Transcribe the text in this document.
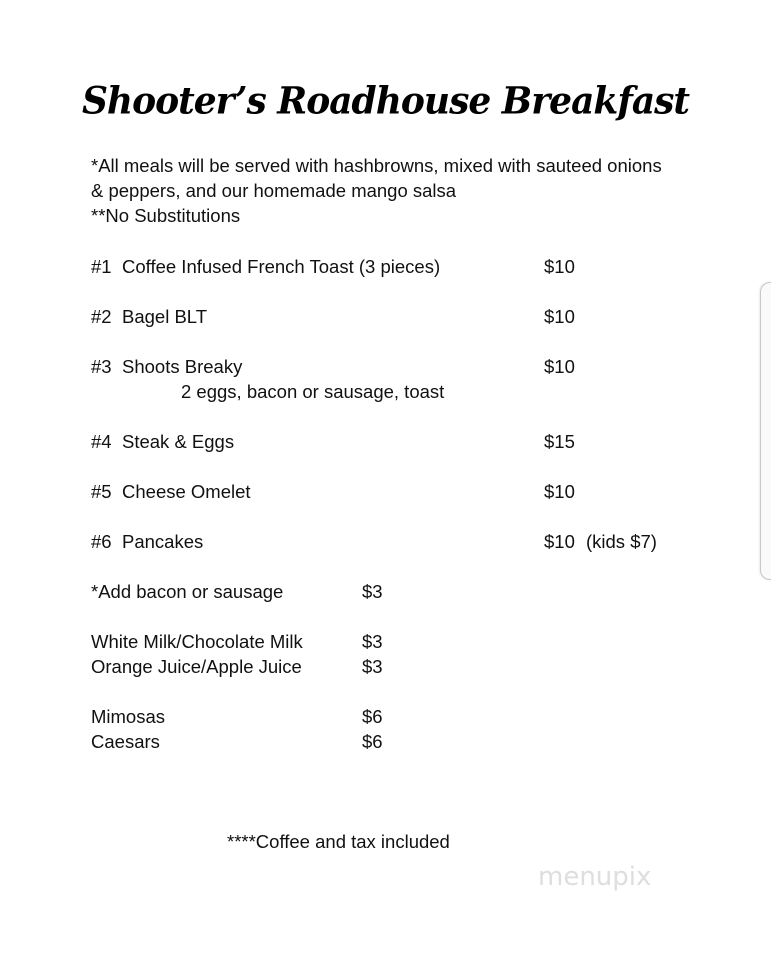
Shooter’s Roadhouse Breakfast
*All meals will be served with hashbrowns, mixed with sauteed onions
& peppers, and our homemade mango salsa
**No Substitutions
#1 Coffee Infused French Toast (3 pieces)	$10
#2 Bagel BLT	$10
#3 Shoots Breaky	$10
2 eggs, bacon or sausage, toast
#4 Steak & Eggs	$15
#5 Cheese Omelet	$10
#6 Pancakes	$10 (kids $7)
*Add bacon or sausage	$3
White Milk/Chocolate Milk	$3
Orange Juice/Apple Juice	$3
Mimosas	$6
Caesars	$6
****Coffee and tax included
menupix
